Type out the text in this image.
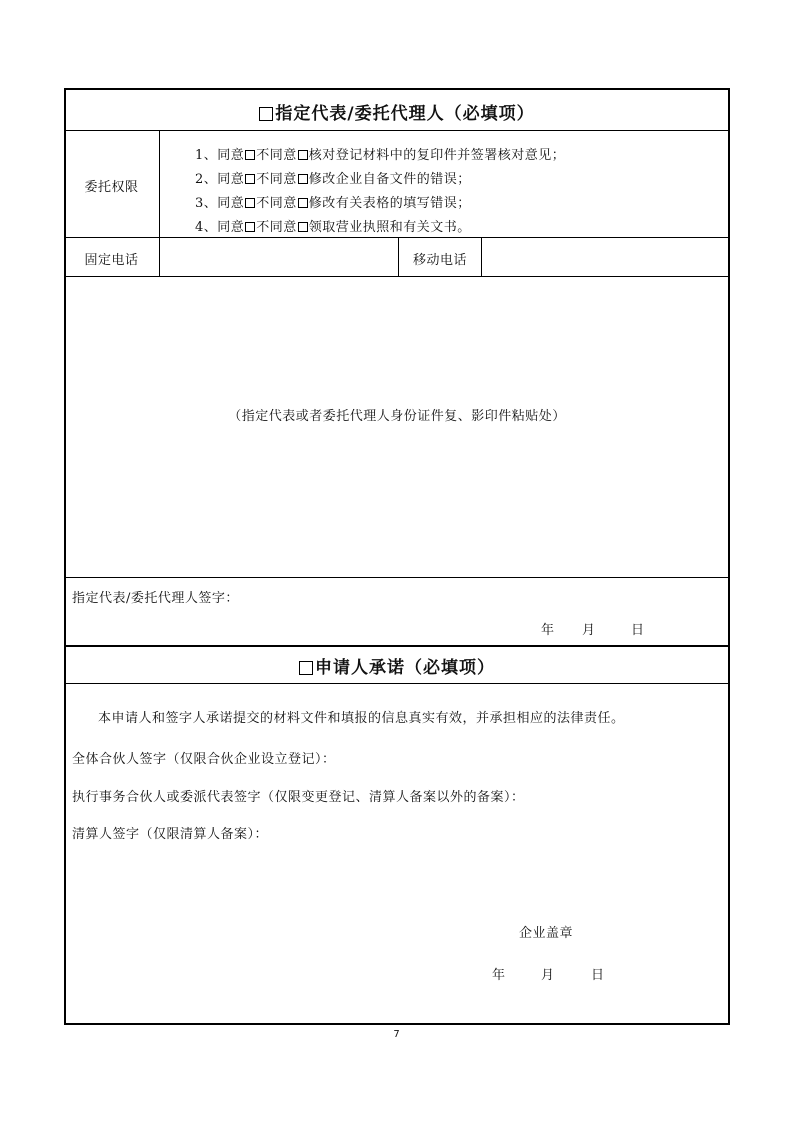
指定代表/委托代理人（必填项）
委托权限
1、同意 不同意 核对登记材料中的复印件并签署核对意见；
2、同意 不同意 修改企业自备文件的错误；
3、同意 不同意 修改有关表格的填写错误；
4、同意 不同意 领取营业执照和有关文书。
固定电话	移动电话
（指定代表或者委托代理人身份证件复、影印件粘贴处）
指定代表/委托代理人签字：
年 月	日
申请人承诺（必填项）
本申请人和签字人承诺提交的材料文件和填报的信息真实有效，并承担相应的法律责任。
全体合伙人签字（仅限合伙企业设立登记）：
执行事务合伙人或委派代表签字（仅限变更登记、清算人备案以外的备案）：
清算人签字（仅限清算人备案）：
企业盖章
年	月	日
7
